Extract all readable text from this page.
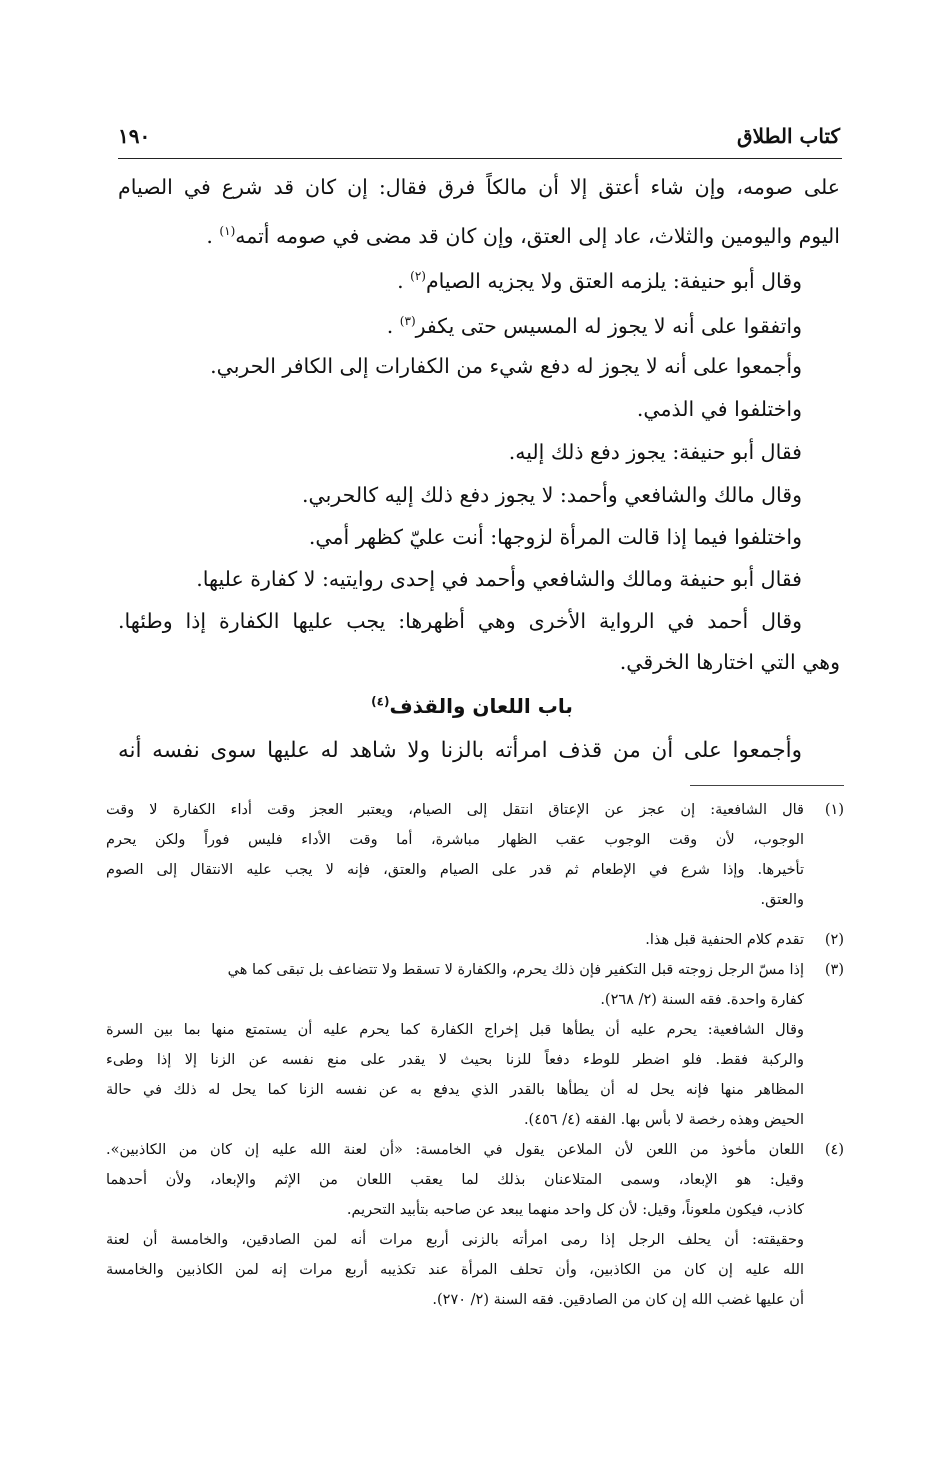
١٩٠	كتاب الطلاق
على صومه، وإن شاء أعتق إلا أن مالكاً فرق فقال: إن كان قد شرع في الصيام
اليوم واليومين والثلاث، عاد إلى العتق، وإن كان قد مضى في صومه أتمه$^{(١)}$ .
وقال أبو حنيفة: يلزمه العتق ولا يجزيه الصيام$^{(٢)}$ .
واتفقوا على أنه لا يجوز له المسيس حتى يكفر$^{(٣)}$ .
وأجمعوا على أنه لا يجوز له دفع شيء من الكفارات إلى الكافر الحربي.
واختلفوا في الذمي.
فقال أبو حنيفة: يجوز دفع ذلك إليه.
وقال مالك والشافعي وأحمد: لا يجوز دفع ذلك إليه كالحربي.
واختلفوا فيما إذا قالت المرأة لزوجها: أنت عليّ كظهر أمي.
فقال أبو حنيفة ومالك والشافعي وأحمد في إحدى روايتيه: لا كفارة عليها.
وقال أحمد في الرواية الأخرى وهي أظهرها: يجب عليها الكفارة إذا وطئها.
وهي التي اختارها الخرقي.
باب اللعان والقذف$^{(٤)}$
وأجمعوا على أن من قذف امرأته بالزنا ولا شاهد له عليها سوى نفسه أنه
(١)
قال الشافعية: إن عجز عن الإعتاق انتقل إلى الصيام، ويعتبر العجز وقت أداء الكفارة لا وقت
الوجوب، لأن وقت الوجوب عقب الظهار مباشرة، أما وقت الأداء فليس فوراً ولكن يحرم
تأخيرها. وإذا شرع في الإطعام ثم قدر على الصيام والعتق، فإنه لا يجب عليه الانتقال إلى الصوم
والعتق.
(٢)
تقدم كلام الحنفية قبل هذا.
(٣)
إذا مسّ الرجل زوجته قبل التكفير فإن ذلك يحرم، والكفارة لا تسقط ولا تتضاعف بل تبقى كما هي
كفارة واحدة. فقه السنة (٢/ ٢٦٨).
وقال الشافعية: يحرم عليه أن يطأها قبل إخراج الكفارة كما يحرم عليه أن يستمتع منها بما بين السرة
والركبة فقط. فلو اضطر للوطء دفعاً للزنا بحيث لا يقدر على منع نفسه عن الزنا إلا إذا وطىء
المظاهر منها فإنه يحل له أن يطأها بالقدر الذي يدفع به عن نفسه الزنا كما يحل له ذلك في حالة
الحيض وهذه رخصة لا بأس بها. الفقه (٤/ ٤٥٦).
(٤)
اللعان مأخوذ من اللعن لأن الملاعن يقول في الخامسة: «أن لعنة الله عليه إن كان من الكاذبين».
وقيل: هو الإبعاد، وسمى المتلاعنان بذلك لما يعقب اللعان من الإثم والإبعاد، ولأن أحدهما
كاذب، فيكون ملعوناً، وقيل: لأن كل واحد منهما يبعد عن صاحبه بتأبيد التحريم.
وحقيقته: أن يحلف الرجل إذا رمى امرأته بالزنى أربع مرات أنه لمن الصادقين، والخامسة أن لعنة
الله عليه إن كان من الكاذبين، وأن تحلف المرأة عند تكذيبه أربع مرات إنه لمن الكاذبين والخامسة
أن عليها غضب الله إن كان من الصادقين. فقه السنة (٢/ ٢٧٠).
